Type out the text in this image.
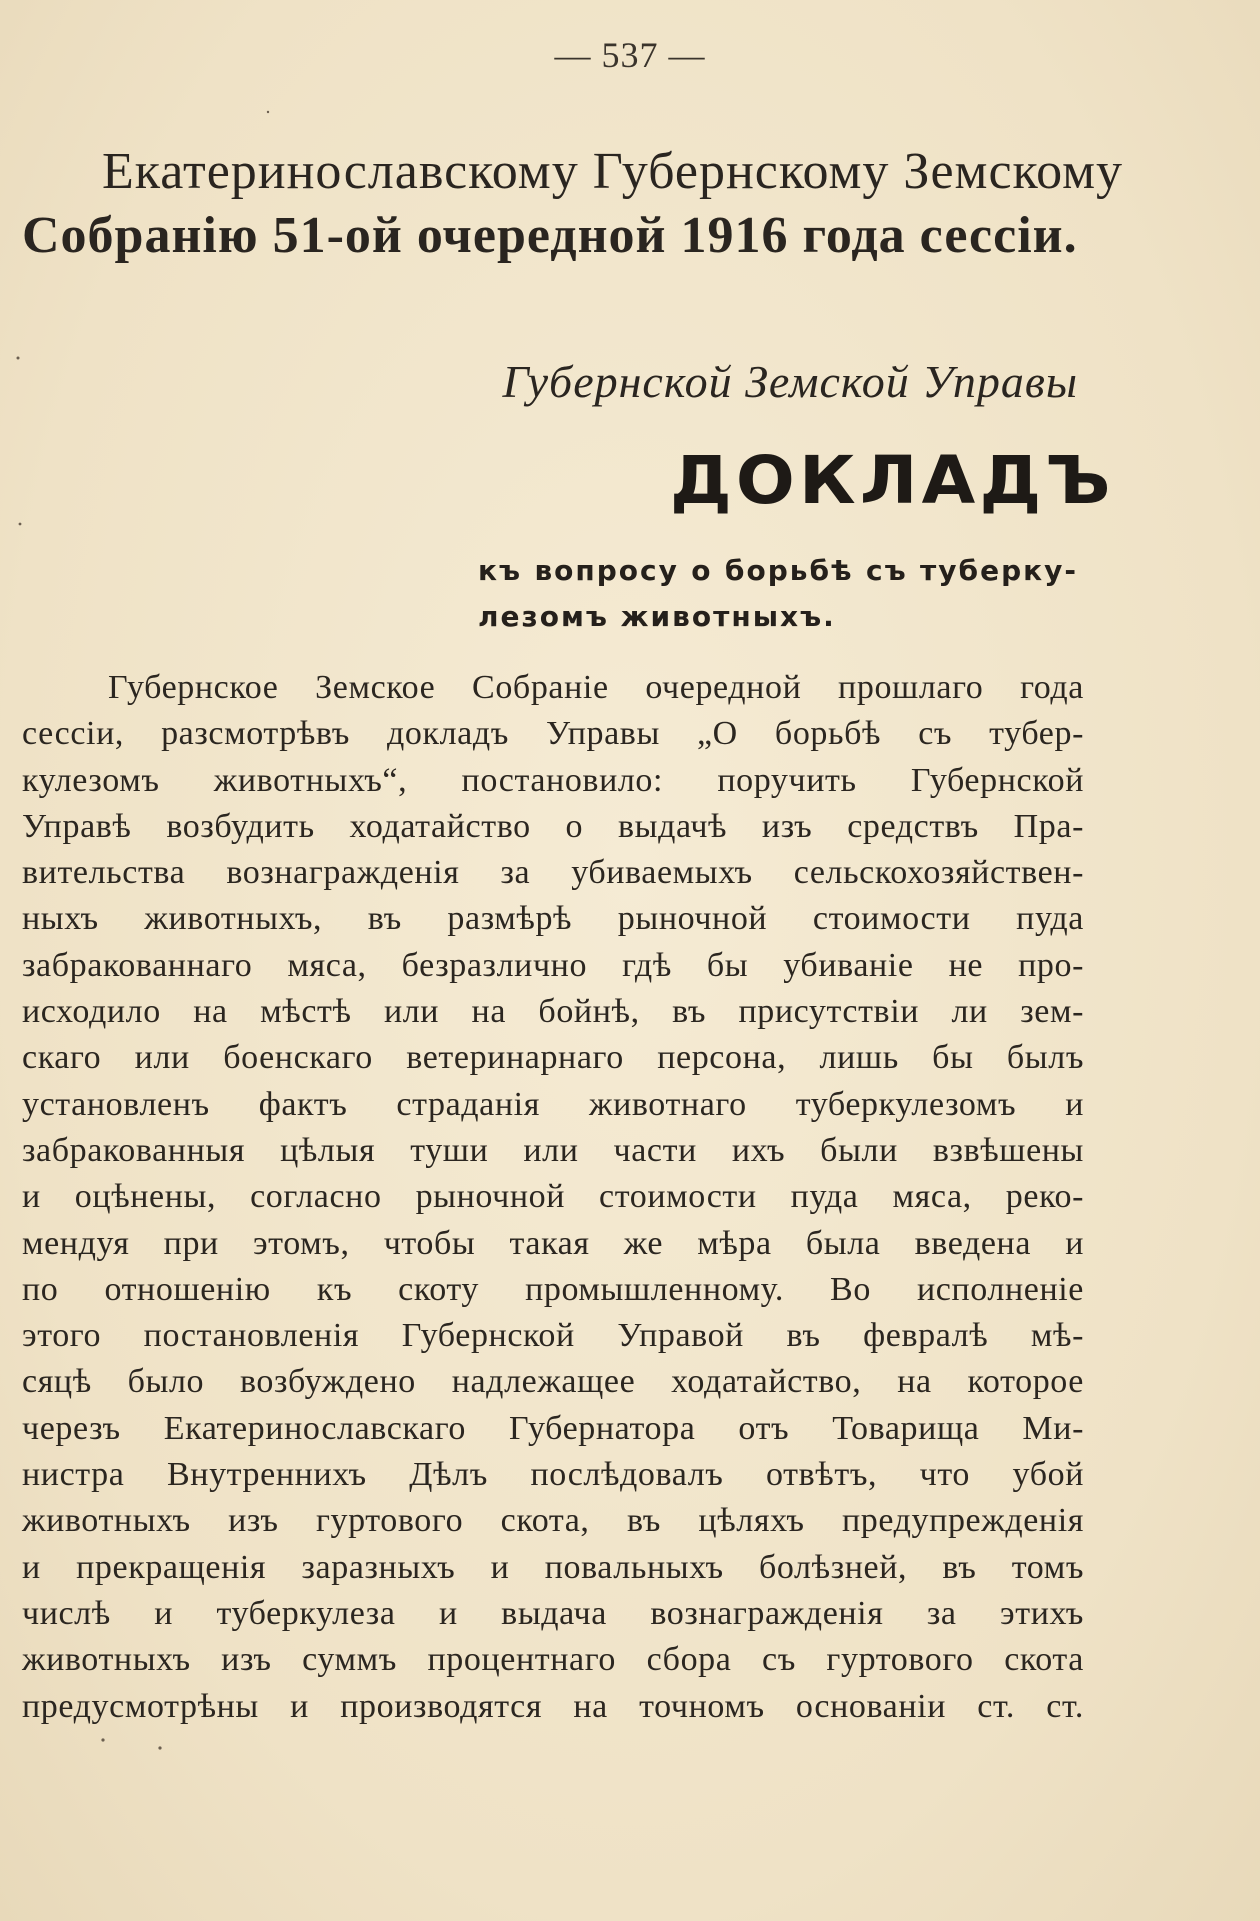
— 537 —
Екатеринославскому Губернскому Земскому
Собранію 51-ой очередной 1916 года сессіи.
Губернской Земской Управы
ДОКЛАДЪ
къ вопросу о борьбѣ съ туберку-
лезомъ животныхъ.
Губернское Земское Собраніе очередной прошлаго года
сессіи, разсмотрѣвъ докладъ Управы „О борьбѣ съ тубер-
кулезомъ животныхъ“, постановило: поручить Губернской
Управѣ возбудить ходатайство о выдачѣ изъ средствъ Пра-
вительства вознагражденія за убиваемыхъ сельскохозяйствен-
ныхъ животныхъ, въ размѣрѣ рыночной стоимости пуда
забракованнаго мяса, безразлично гдѣ бы убиваніе не про-
исходило на мѣстѣ или на бойнѣ, въ присутствіи ли зем-
скаго или боенскаго ветеринарнаго персона, лишь бы былъ
установленъ фактъ страданія животнаго туберкулезомъ и
забракованныя цѣлыя туши или части ихъ были взвѣшены
и оцѣнены, согласно рыночной стоимости пуда мяса, реко-
мендуя при этомъ, чтобы такая же мѣра была введена и
по отношенію къ скоту промышленному. Во исполненіе
этого постановленія Губернской Управой въ февралѣ мѣ-
сяцѣ было возбуждено надлежащее ходатайство, на которое
черезъ Екатеринославскаго Губернатора отъ Товарища Ми-
нистра Внутреннихъ Дѣлъ послѣдовалъ отвѣтъ, что убой
животныхъ изъ гуртового скота, въ цѣляхъ предупрежденія
и прекращенія заразныхъ и повальныхъ болѣзней, въ томъ
числѣ и туберкулеза и выдача вознагражденія за этихъ
животныхъ изъ суммъ процентнаго сбора съ гуртового скота
предусмотрѣны и производятся на точномъ основаніи ст. ст.
